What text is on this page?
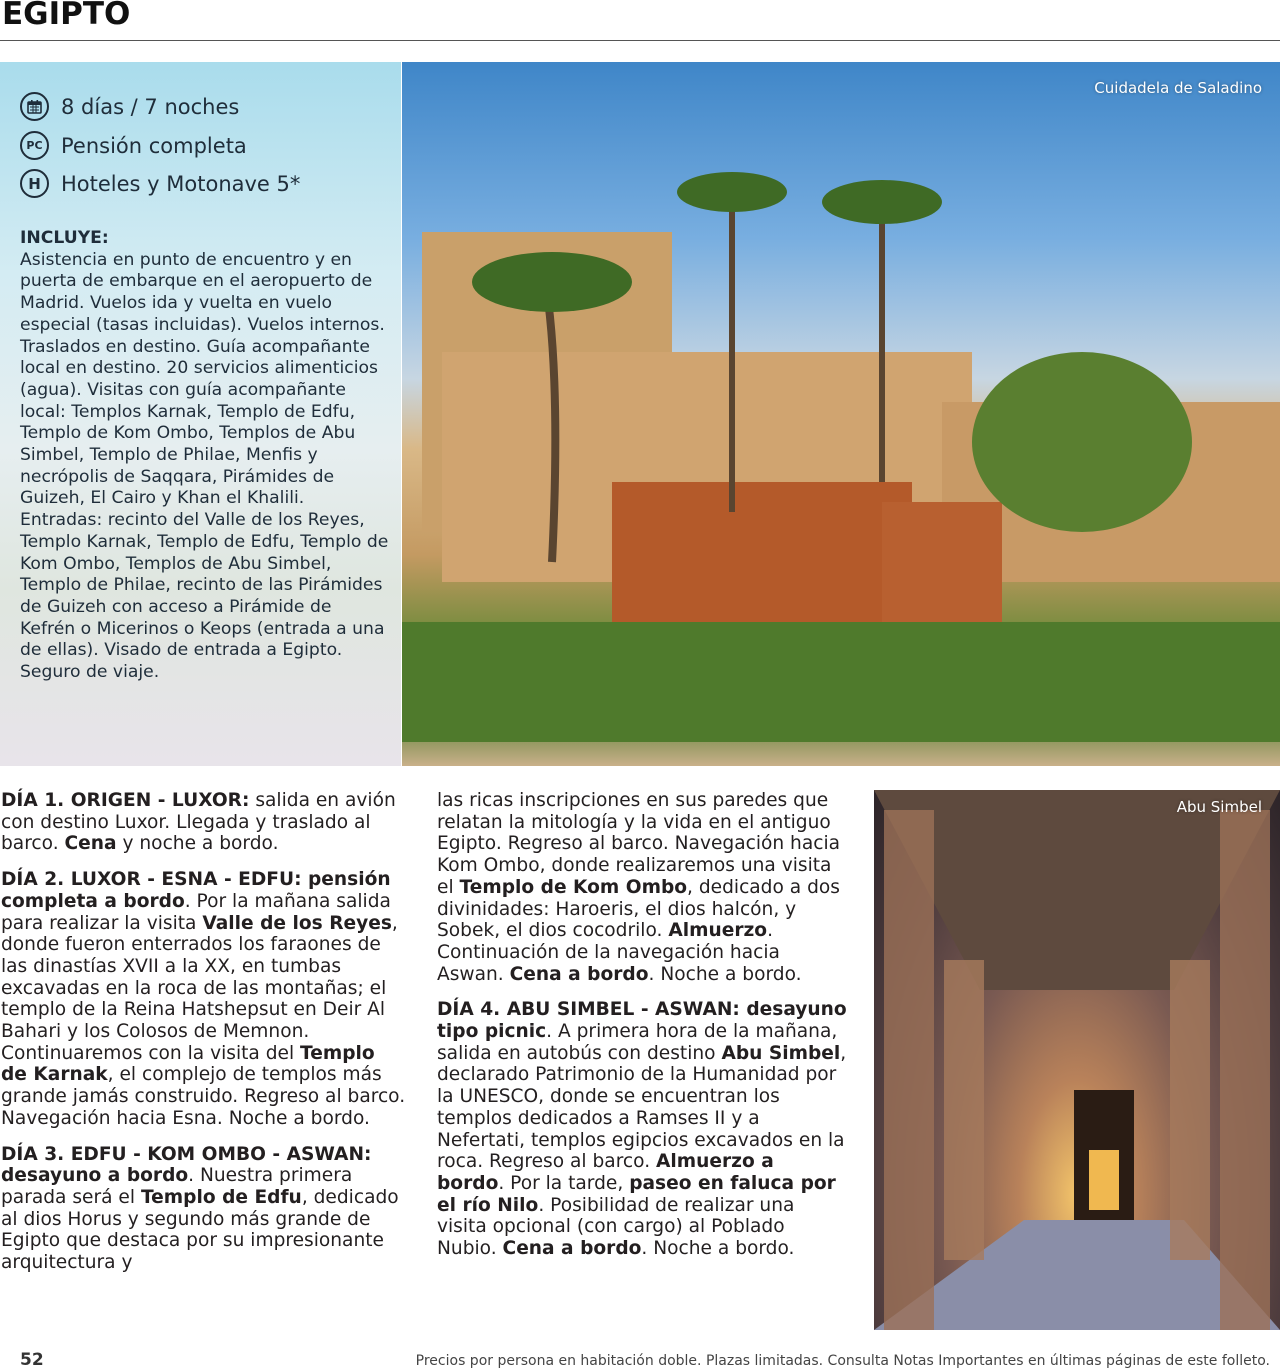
EGIPTO
8 días / 7 noches
PC Pensión completa
H Hoteles y Motonave 5*
INCLUYE:
Asistencia en punto de encuentro y en puerta de embarque en el aeropuerto de Madrid. Vuelos ida y vuelta en vuelo especial (tasas incluidas). Vuelos internos. Traslados en destino. Guía acompañante local en destino. 20 servicios alimenticios (agua). Visitas con guía acompañante local: Templos Karnak, Templo de Edfu, Templo de Kom Ombo, Templos de Abu Simbel, Templo de Philae, Menfis y necrópolis de Saqqara, Pirámides de Guizeh, El Cairo y Khan el Khalili. Entradas: recinto del Valle de los Reyes, Templo Karnak, Templo de Edfu, Templo de Kom Ombo, Templos de Abu Simbel, Templo de Philae, recinto de las Pirámides de Guizeh con acceso a Pirámide de Kefrén o Micerinos o Keops (entrada a una de ellas). Visado de entrada a Egipto. Seguro de viaje.
Cuidadela de Saladino

DÍA 1. ORIGEN - LUXOR: salida en avión con destino Luxor. Llegada y traslado al barco. Cena y noche a bordo.

DÍA 2. LUXOR - ESNA - EDFU: pensión completa a bordo. Por la mañana salida para realizar la visita Valle de los Reyes, donde fueron enterrados los faraones de las dinastías XVII a la XX, en tumbas excavadas en la roca de las montañas; el templo de la Reina Hatshepsut en Deir Al Bahari y los Colosos de Memnon. Continuaremos con la visita del Templo de Karnak, el complejo de templos más grande jamás construido. Regreso al barco. Navegación hacia Esna. Noche a bordo.

DÍA 3. EDFU - KOM OMBO - ASWAN: desayuno a bordo. Nuestra primera parada será el Templo de Edfu, dedicado al dios Horus y segundo más grande de Egipto que destaca por su impresionante arquitectura y

las ricas inscripciones en sus paredes que relatan la mitología y la vida en el antiguo Egipto. Regreso al barco. Navegación hacia Kom Ombo, donde realizaremos una visita el Templo de Kom Ombo, dedicado a dos divinidades: Haroeris, el dios halcón, y Sobek, el dios cocodrilo. Almuerzo. Continuación de la navegación hacia Aswan. Cena a bordo. Noche a bordo.

DÍA 4. ABU SIMBEL - ASWAN: desayuno tipo picnic. A primera hora de la mañana, salida en autobús con destino Abu Simbel, declarado Patrimonio de la Humanidad por la UNESCO, donde se encuentran los templos dedicados a Ramses II y a Nefertati, templos egipcios excavados en la roca. Regreso al barco. Almuerzo a bordo. Por la tarde, paseo en faluca por el río Nilo. Posibilidad de realizar una visita opcional (con cargo) al Poblado Nubio. Cena a bordo. Noche a bordo.

Abu Simbel
52	Precios por persona en habitación doble. Plazas limitadas. Consulta Notas Importantes en últimas páginas de este folleto.
